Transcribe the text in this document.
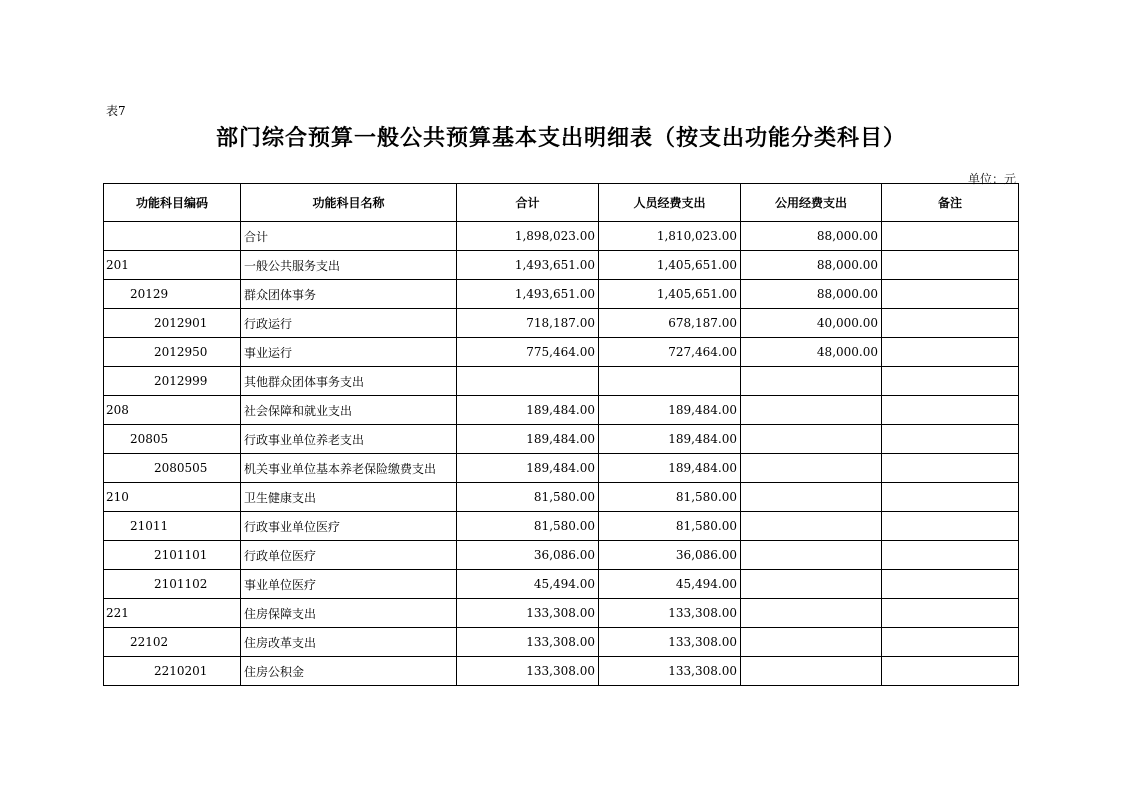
表7
部门综合预算一般公共预算基本支出明细表（按支出功能分类科目）
单位：元
功能科目编码	功能科目名称	合计	人员经费支出	公用经费支出	备注
	合计	1,898,023.00	1,810,023.00	88,000.00	
201	一般公共服务支出	1,493,651.00	1,405,651.00	88,000.00	
20129	群众团体事务	1,493,651.00	1,405,651.00	88,000.00	
2012901	行政运行	718,187.00	678,187.00	40,000.00	
2012950	事业运行	775,464.00	727,464.00	48,000.00	
2012999	其他群众团体事务支出				
208	社会保障和就业支出	189,484.00	189,484.00		
20805	行政事业单位养老支出	189,484.00	189,484.00		
2080505	机关事业单位基本养老保险缴费支出	189,484.00	189,484.00		
210	卫生健康支出	81,580.00	81,580.00		
21011	行政事业单位医疗	81,580.00	81,580.00		
2101101	行政单位医疗	36,086.00	36,086.00		
2101102	事业单位医疗	45,494.00	45,494.00		
221	住房保障支出	133,308.00	133,308.00		
22102	住房改革支出	133,308.00	133,308.00		
2210201	住房公积金	133,308.00	133,308.00		
